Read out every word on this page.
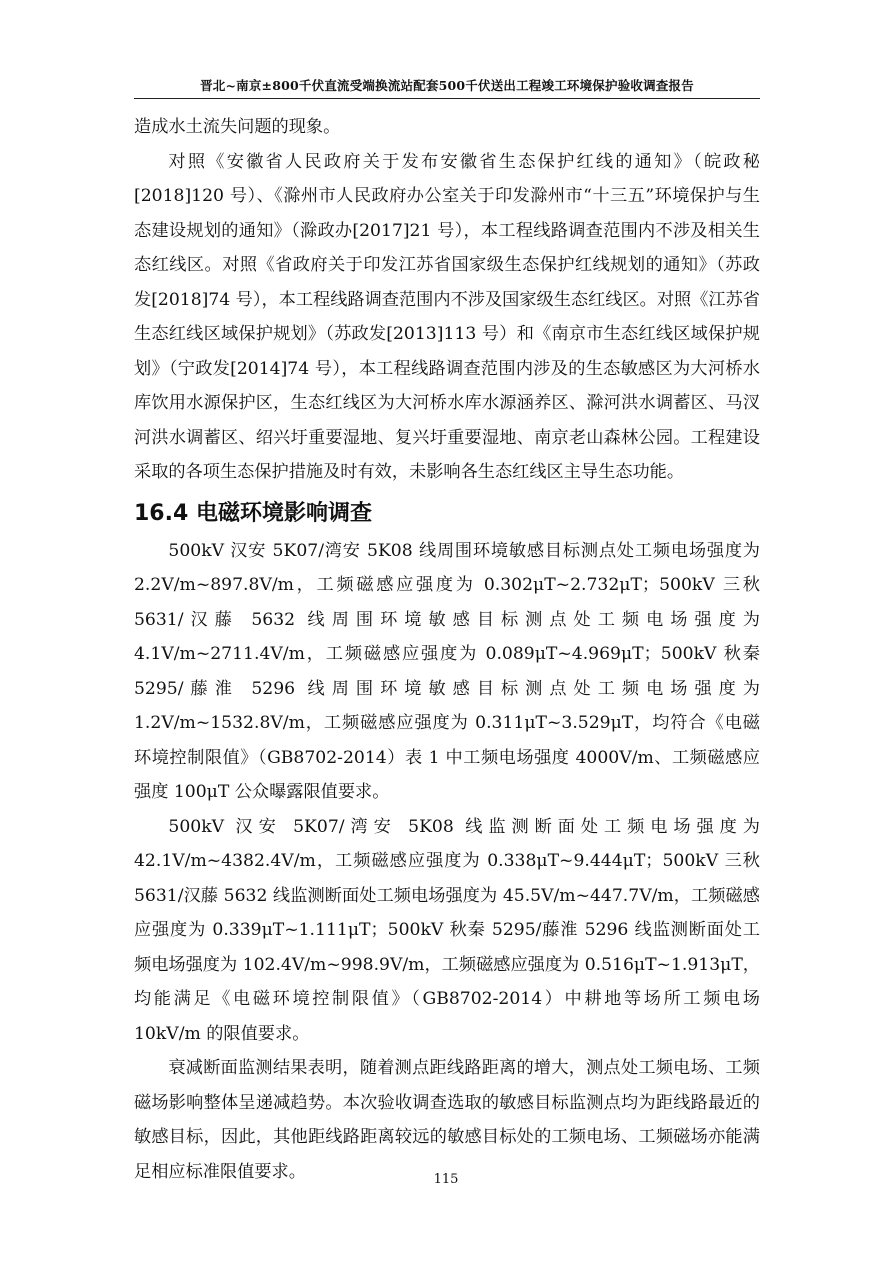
晋北~南京±800千伏直流受端换流站配套500千伏送出工程竣工环境保护验收调查报告

造成水土流失问题的现象。

对照《安徽省人民政府关于发布安徽省生态保护红线的通知》（皖政秘[2018]120 号）、《滁州市人民政府办公室关于印发滁州市“十三五”环境保护与生态建设规划的通知》（滁政办[2017]21 号），本工程线路调查范围内不涉及相关生态红线区。对照《省政府关于印发江苏省国家级生态保护红线规划的通知》（苏政发[2018]74 号），本工程线路调查范围内不涉及国家级生态红线区。对照《江苏省生态红线区域保护规划》（苏政发[2013]113 号）和《南京市生态红线区域保护规划》（宁政发[2014]74 号），本工程线路调查范围内涉及的生态敏感区为大河桥水库饮用水源保护区，生态红线区为大河桥水库水源涵养区、滁河洪水调蓄区、马汊河洪水调蓄区、绍兴圩重要湿地、复兴圩重要湿地、南京老山森林公园。工程建设采取的各项生态保护措施及时有效，未影响各生态红线区主导生态功能。

16.4 电磁环境影响调查

500kV 汉安 5K07/湾安 5K08 线周围环境敏感目标测点处工频电场强度为 2.2V/m~897.8V/m，工频磁感应强度为 0.302μT~2.732μT；500kV 三秋 5631/汉藤 5632 线周围环境敏感目标测点处工频电场强度为 4.1V/m~2711.4V/m，工频磁感应强度为 0.089μT~4.969μT；500kV 秋秦 5295/藤淮 5296 线周围环境敏感目标测点处工频电场强度为 1.2V/m~1532.8V/m，工频磁感应强度为 0.311μT~3.529μT，均符合《电磁环境控制限值》（GB8702-2014）表 1 中工频电场强度 4000V/m、工频磁感应强度 100μT 公众曝露限值要求。

500kV 汉安 5K07/湾安 5K08 线监测断面处工频电场强度为 42.1V/m~4382.4V/m，工频磁感应强度为 0.338μT~9.444μT；500kV 三秋 5631/汉藤 5632 线监测断面处工频电场强度为 45.5V/m~447.7V/m，工频磁感应强度为 0.339μT~1.111μT；500kV 秋秦 5295/藤淮 5296 线监测断面处工频电场强度为 102.4V/m~998.9V/m，工频磁感应强度为 0.516μT~1.913μT，均能满足《电磁环境控制限值》（GB8702-2014）中耕地等场所工频电场 10kV/m 的限值要求。

衰减断面监测结果表明，随着测点距线路距离的增大，测点处工频电场、工频磁场影响整体呈递减趋势。本次验收调查选取的敏感目标监测点均为距线路最近的敏感目标，因此，其他距线路距离较远的敏感目标处的工频电场、工频磁场亦能满足相应标准限值要求。	115
